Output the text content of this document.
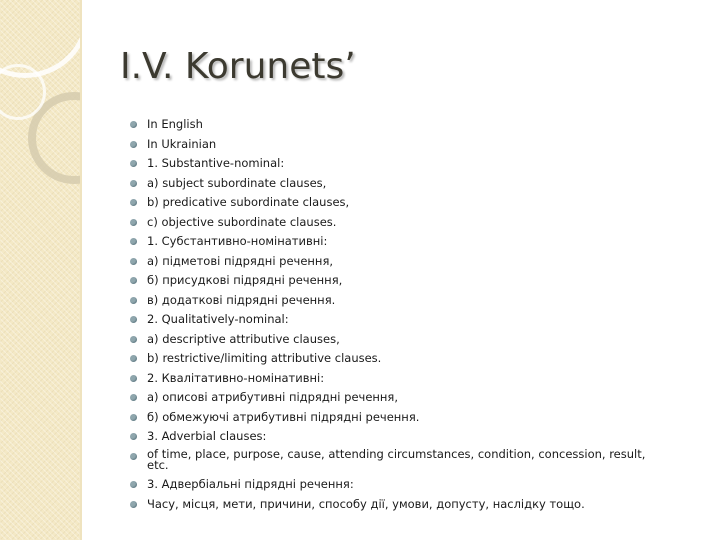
I.V. Korunets’
In English
In Ukrainian
1. Substantive-nominal:
a) subject subordinate clauses,
b) predicative subordinate clauses,
c) objective subordinate clauses.
1. Субстантивно-номінативні:
а) підметові підрядні речення,
б) присудкові підрядні речення,
в) додаткові підрядні речення.
2. Qualitatively-nominal:
a) descriptive attributive clauses,
b) restrictive/limiting attributive clauses.
2. Квалітативно-номінативні:
а) описові атрибутивні підрядні речення,
б) обмежуючі атрибутивні підрядні речення.
3. Adverbial clauses:
of time, place, purpose, cause, attending circumstances, condition, concession, result, etc.
3. Адвербіальні підрядні речення:
Часу, місця, мети, причини, способу дії, умови, допусту, наслідку тощо.
